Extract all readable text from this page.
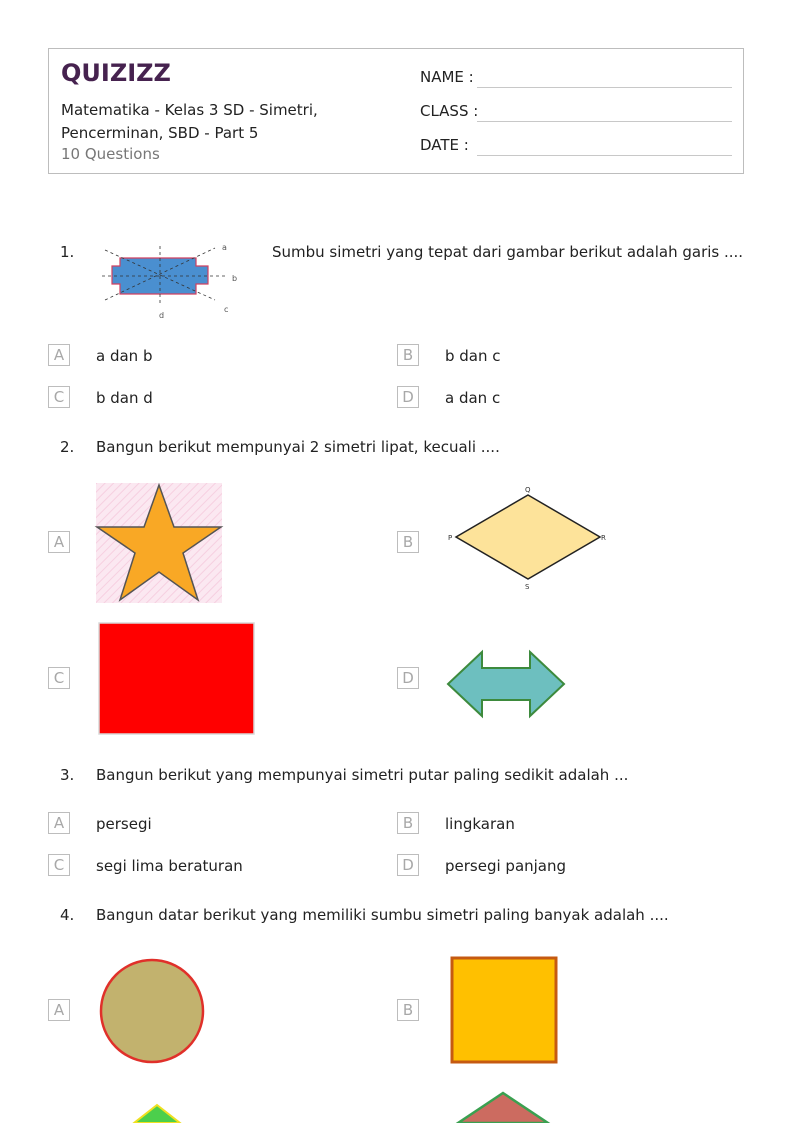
QUIZIZZ
Matematika - Kelas 3 SD - Simetri, Pencerminan, SBD - Part 5
10 Questions
NAME :
CLASS :
DATE :
1.	a
b
c
d
Sumbu simetri yang tepat dari gambar berikut adalah garis ....
A	a dan b	B	b dan c
C	b dan d	D	a dan c
2. Bangun berikut mempunyai 2 simetri lipat, kecuali ....
A	B
Q
R
S
P
C	D
3. Bangun berikut yang mempunyai simetri putar paling sedikit adalah ...
A	persegi	B	lingkaran
C	segi lima beraturan	D	persegi panjang
4. Bangun datar berikut yang memiliki sumbu simetri paling banyak adalah ....
A	B
